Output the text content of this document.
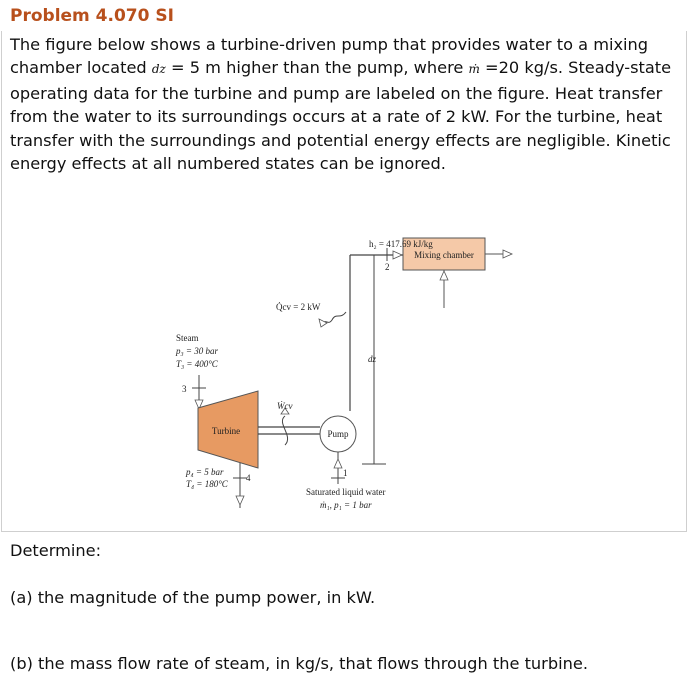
Problem 4.070 SI
The figure below shows a turbine-driven pump that provides water to a mixing chamber located dz = 5 m higher than the pump, where ṁ =20 kg/s. Steady-state operating data for the turbine and pump are labeled on the figure. Heat transfer from the water to its surroundings occurs at a rate of 2 kW. For the turbine, heat transfer with the surroundings and potential energy effects are negligible. Kinetic energy effects at all numbered states can be ignored.
Mixing chamber
h₂ = 417.69 kJ/kg
2
dz
Q̇cv = 2 kW
Steam
p₃ = 30 bar
T₃ = 400°C
3
Turbine
Ẇcv
Pump
1
Saturated liquid water
ṁ₁, p₁ = 1 bar
4
p₄ = 5 bar
T₄ = 180°C
Determine:
(a) the magnitude of the pump power, in kW.
(b) the mass flow rate of steam, in kg/s, that flows through the turbine.
